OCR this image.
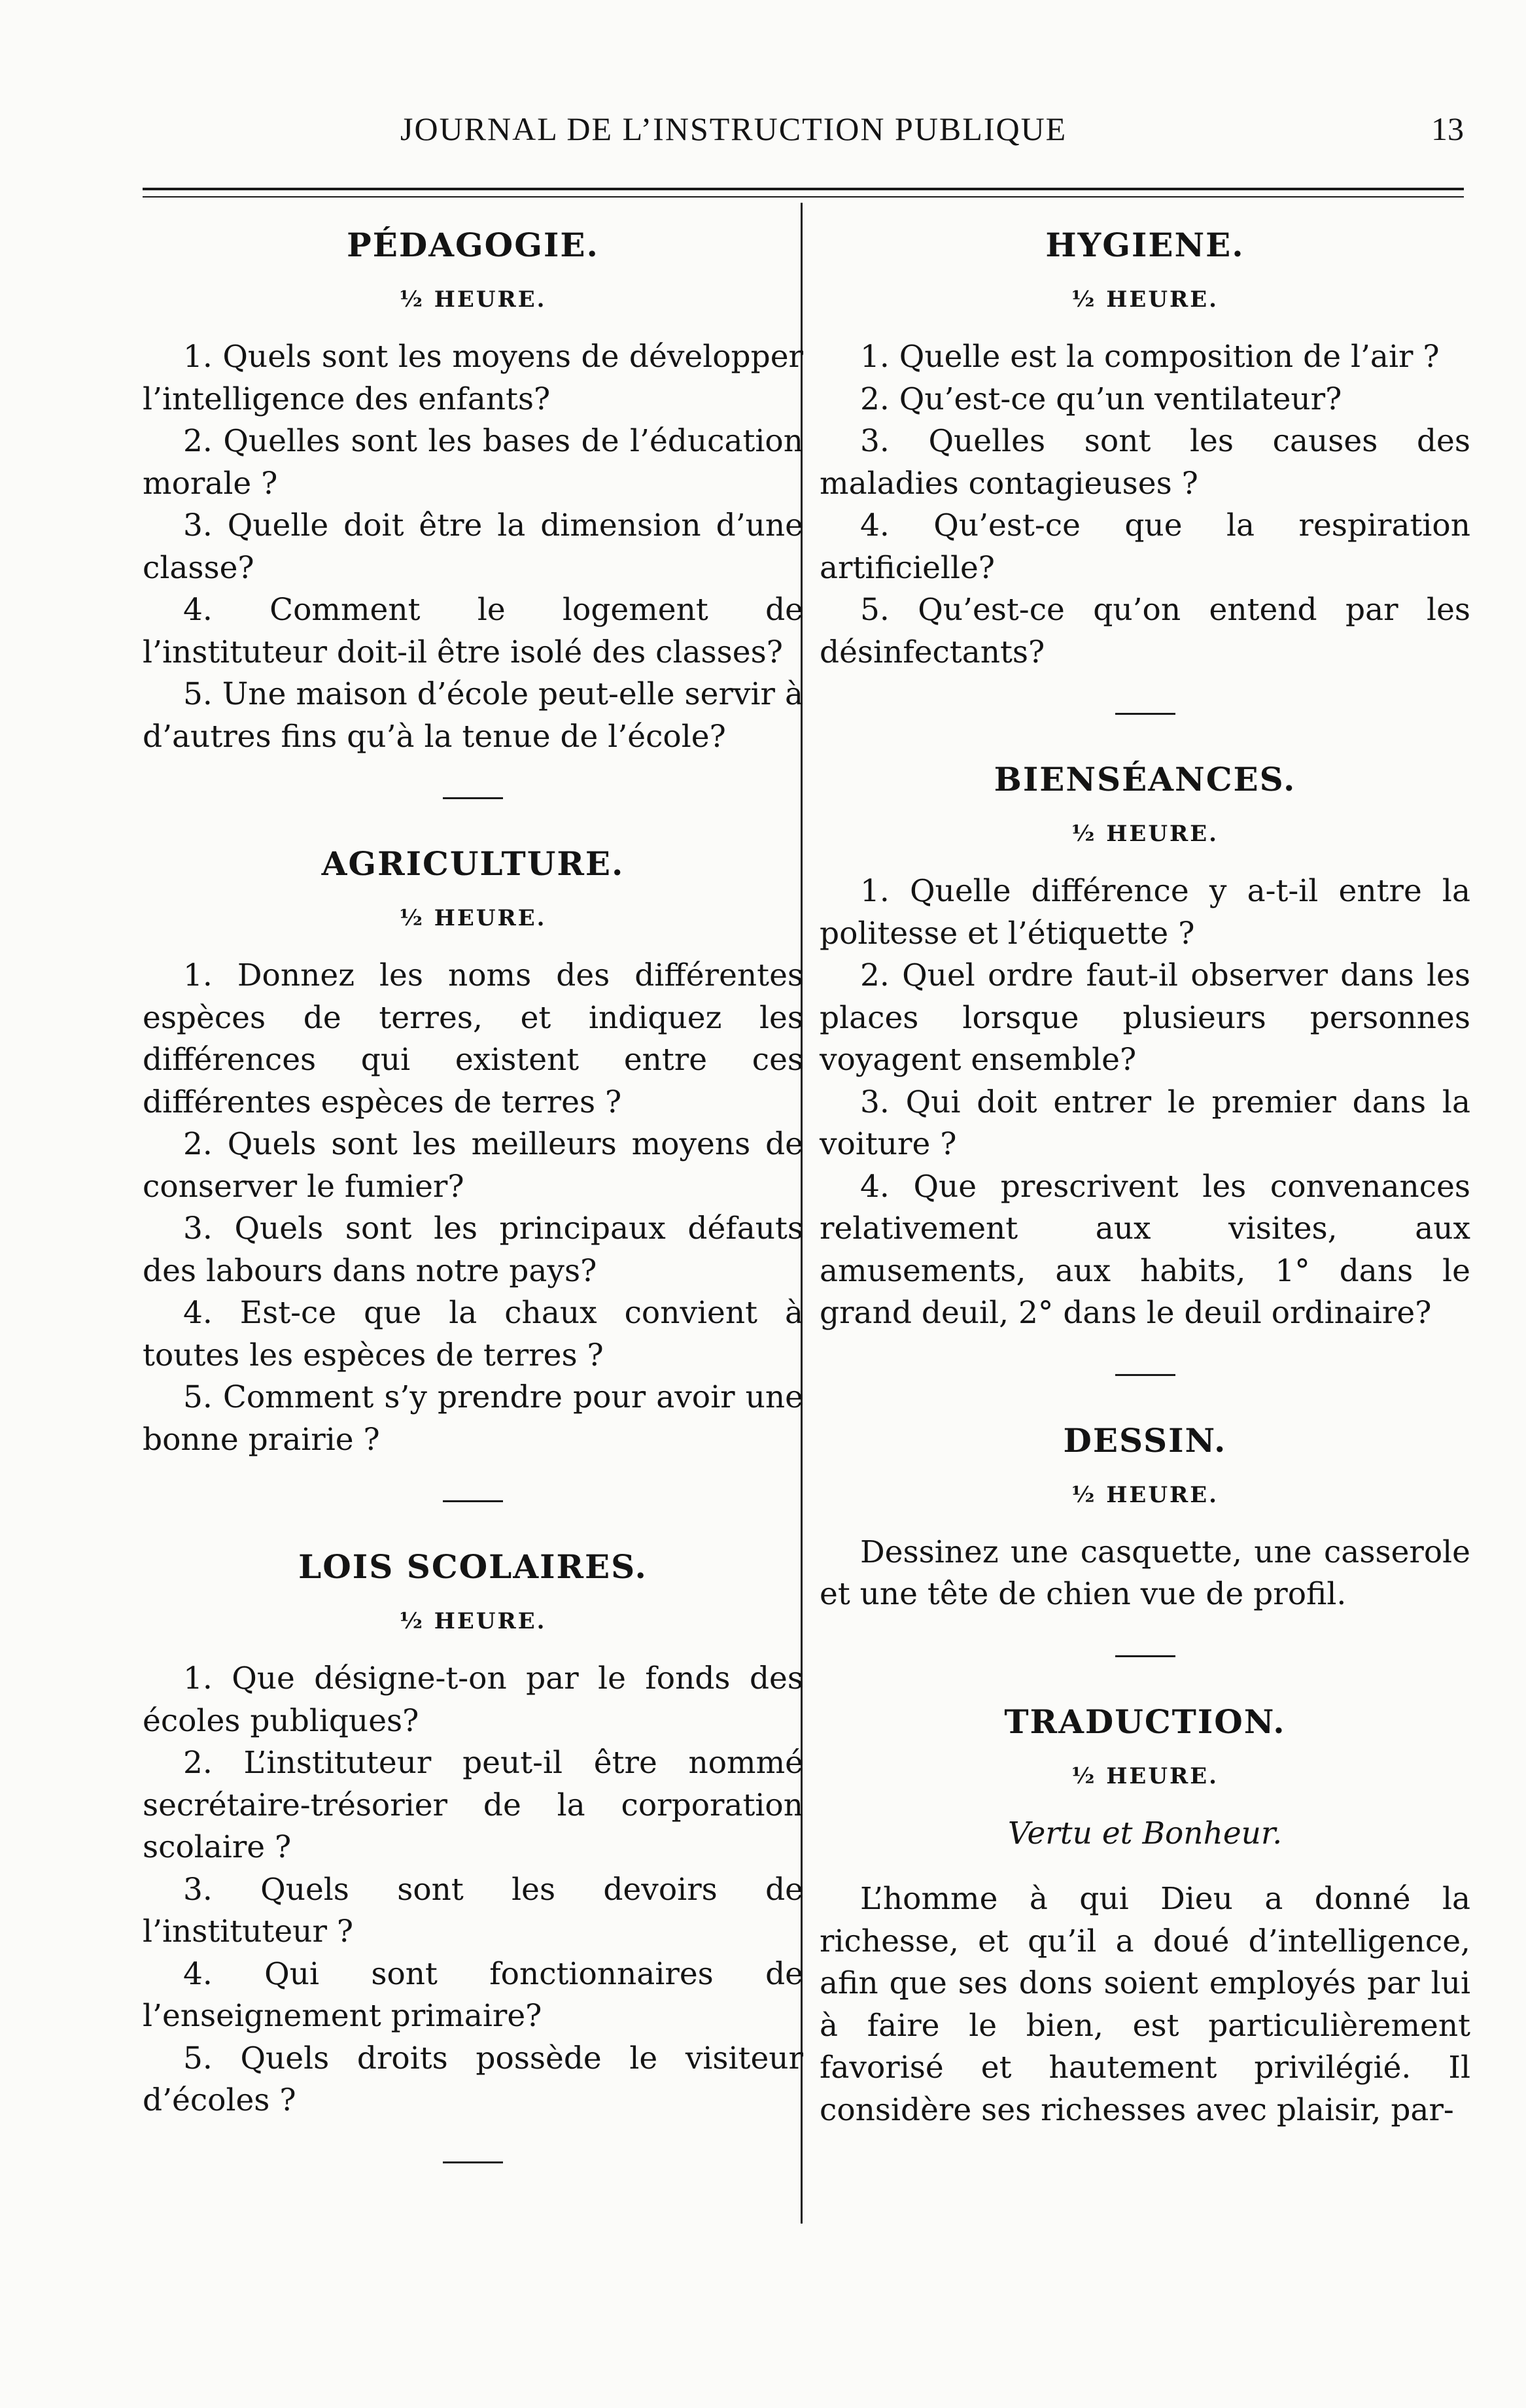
JOURNAL DE L’INSTRUCTION PUBLIQUE	13
PÉDAGOGIE.
½ HEURE.
1. Quels sont les moyens de développer l’intelligence des enfants?
2. Quelles sont les bases de l’éducation morale ?
3. Quelle doit être la dimension d’une classe?
4. Comment le logement de l’instituteur doit-il être isolé des classes?
5. Une maison d’école peut-elle servir à d’autres fins qu’à la tenue de l’école?
AGRICULTURE.
½ HEURE.
1. Donnez les noms des différentes espèces de terres, et indiquez les différences qui existent entre ces différentes espèces de terres ?
2. Quels sont les meilleurs moyens de conserver le fumier?
3. Quels sont les principaux défauts des labours dans notre pays?
4. Est-ce que la chaux convient à toutes les espèces de terres ?
5. Comment s’y prendre pour avoir une bonne prairie ?
LOIS SCOLAIRES.
½ HEURE.
1. Que désigne-t-on par le fonds des écoles publiques?
2. L’instituteur peut-il être nommé secrétaire-trésorier de la corporation scolaire ?
3. Quels sont les devoirs de l’instituteur ?
4. Qui sont fonctionnaires de l’enseignement primaire?
5. Quels droits possède le visiteur d’écoles ?
HYGIENE.
½ HEURE.
1. Quelle est la composition de l’air ?
2. Qu’est-ce qu’un ventilateur?
3. Quelles sont les causes des maladies contagieuses ?
4. Qu’est-ce que la respiration artificielle?
5. Qu’est-ce qu’on entend par les désinfectants?
BIENSÉANCES.
½ HEURE.
1. Quelle différence y a-t-il entre la politesse et l’étiquette ?
2. Quel ordre faut-il observer dans les places lorsque plusieurs personnes voyagent ensemble?
3. Qui doit entrer le premier dans la voiture ?
4. Que prescrivent les convenances relativement aux visites, aux amusements, aux habits, 1° dans le grand deuil, 2° dans le deuil ordinaire?
DESSIN.
½ HEURE.

Dessinez une casquette, une casserole et une tête de chien vue de profil.

TRADUCTION.
½ HEURE.

Vertu et Bonheur.

L’homme à qui Dieu a donné la richesse, et qu’il a doué d’intelligence, afin que ses dons soient employés par lui à faire le bien, est particulièrement favorisé et hautement privilégié. Il considère ses richesses avec plaisir, par-
